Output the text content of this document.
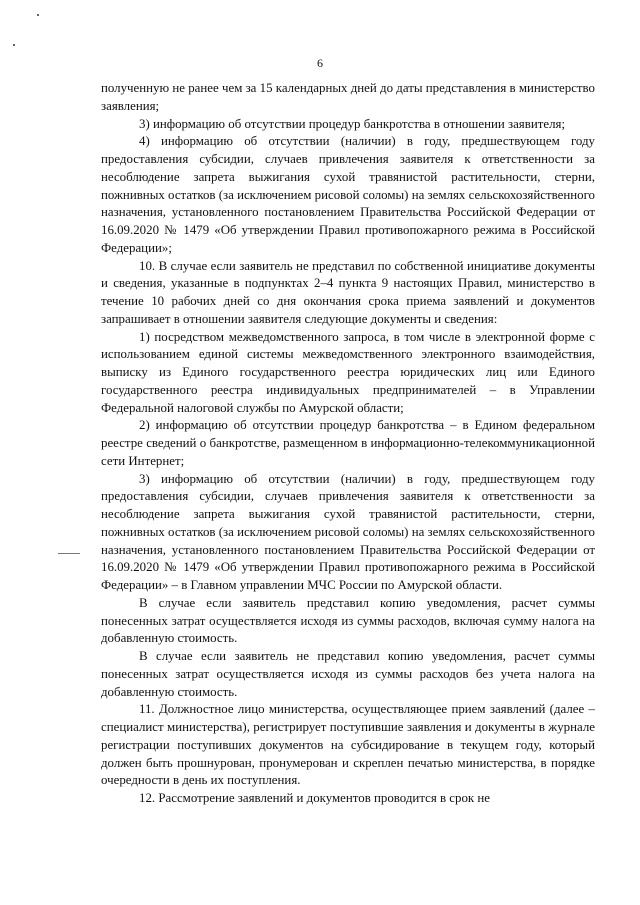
6

полученную не ранее чем за 15 календарных дней до даты представления в министерство заявления;

3) информацию об отсутствии процедур банкротства в отношении заявителя;

4) информацию об отсутствии (наличии) в году, предшествующем году предоставления субсидии, случаев привлечения заявителя к ответственности за несоблюдение запрета выжигания сухой травянистой растительности, стерни, пожнивных остатков (за исключением рисовой соломы) на землях сельскохозяйственного назначения, установленного постановлением Правительства Российской Федерации от 16.09.2020 № 1479 «Об утверждении Правил противопожарного режима в Российской Федерации»;

10. В случае если заявитель не представил по собственной инициативе документы и сведения, указанные в подпунктах 2–4 пункта 9 настоящих Правил, министерство в течение 10 рабочих дней со дня окончания срока приема заявлений и документов запрашивает в отношении заявителя следующие документы и сведения:

1) посредством межведомственного запроса, в том числе в электронной форме с использованием единой системы межведомственного электронного взаимодействия, выписку из Единого государственного реестра юридических лиц или Единого государственного реестра индивидуальных предпринимателей – в Управлении Федеральной налоговой службы по Амурской области;

2) информацию об отсутствии процедур банкротства – в Едином федеральном реестре сведений о банкротстве, размещенном в информационно-телекоммуникационной сети Интернет;

3) информацию об отсутствии (наличии) в году, предшествующем году предоставления субсидии, случаев привлечения заявителя к ответственности за несоблюдение запрета выжигания сухой травянистой растительности, стерни, пожнивных остатков (за исключением рисовой соломы) на землях сельскохозяйственного назначения, установленного постановлением Правительства Российской Федерации от 16.09.2020 № 1479 «Об утверждении Правил противопожарного режима в Российской Федерации» – в Главном управлении МЧС России по Амурской области.

В случае если заявитель представил копию уведомления, расчет суммы понесенных затрат осуществляется исходя из суммы расходов, включая сумму налога на добавленную стоимость.

В случае если заявитель не представил копию уведомления, расчет суммы понесенных затрат осуществляется исходя из суммы расходов без учета налога на добавленную стоимость.

11. Должностное лицо министерства, осуществляющее прием заявлений (далее – специалист министерства), регистрирует поступившие заявления и документы в журнале регистрации поступивших документов на субсидирование в текущем году, который должен быть прошнурован, пронумерован и скреплен печатью министерства, в порядке очередности в день их поступления.

12. Рассмотрение заявлений и документов проводится в срок не
